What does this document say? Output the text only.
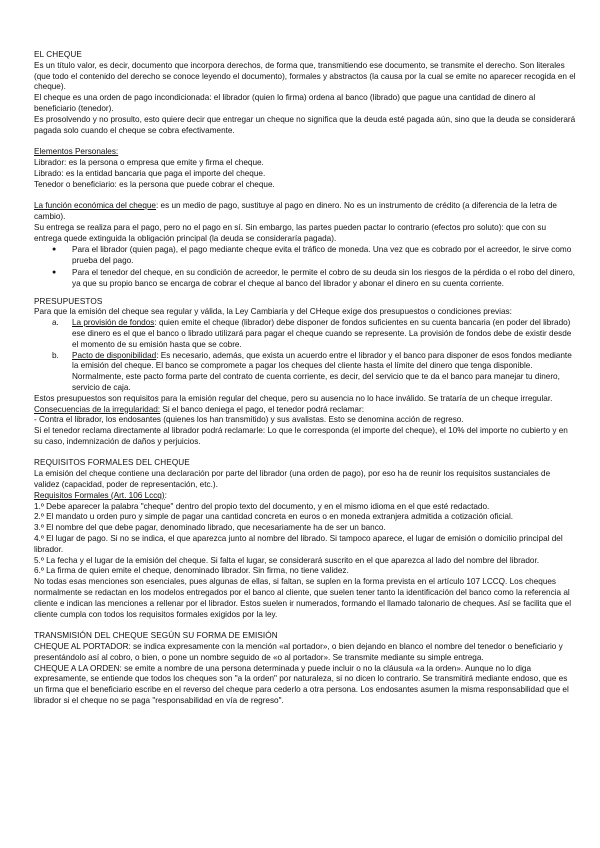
EL CHEQUE

Es un título valor, es decir, documento que incorpora derechos, de forma que, transmitiendo ese documento, se transmite el derecho. Son literales (que todo el contenido del derecho se conoce leyendo el documento), formales y abstractos (la causa por la cual se emite no aparecer recogida en el cheque).

El cheque es una orden de pago incondicionada: el librador (quien lo firma) ordena al banco (librado) que pague una cantidad de dinero al beneficiario (tenedor).

Es prosolvendo y no prosulto, esto quiere decir que entregar un cheque no significa que la deuda esté pagada aún, sino que la deuda se considerará pagada solo cuando el cheque se cobra efectivamente.

Elementos Personales:

Librador: es la persona o empresa que emite y firma el cheque.

Librado: es la entidad bancaria que paga el importe del cheque.

Tenedor o beneficiario: es la persona que puede cobrar el cheque.

La función económica del cheque: es un medio de pago, sustituye al pago en dinero. No es un instrumento de crédito (a diferencia de la letra de cambio).

Su entrega se realiza para el pago, pero no el pago en sí. Sin embargo, las partes pueden pactar lo contrario (efectos pro soluto): que con su entrega quede extinguida la obligación principal (la deuda se consideraría pagada).

● Para el librador (quien paga), el pago mediante cheque evita el tráfico de moneda. Una vez que es cobrado por el acreedor, le sirve como prueba del pago.
● Para el tenedor del cheque, en su condición de acreedor, le permite el cobro de su deuda sin los riesgos de la pérdida o el robo del dinero, ya que su propio banco se encarga de cobrar el cheque al banco del librador y abonar el dinero en su cuenta corriente.
PRESUPUESTOS

Para que la emisión del cheque sea regular y válida, la Ley Cambiaria y del CHeque exige dos presupuestos o condiciones previas:

a. La provisión de fondos: quien emite el cheque (librador) debe disponer de fondos suficientes en su cuenta bancaria (en poder del librado) ese dinero es el que el banco o librado utilizará para pagar el cheque cuando se represente. La provisión de fondos debe de existir desde el momento de su emisión hasta que se cobre.
b. Pacto de disponibilidad: Es necesario, además, que exista un acuerdo entre el librador y el banco para disponer de esos fondos mediante la emisión del cheque. El banco se compromete a pagar los cheques del cliente hasta el límite del dinero que tenga disponible. Normalmente, este pacto forma parte del contrato de cuenta corriente, es decir, del servicio que te da el banco para manejar tu dinero, servicio de caja.

Estos presupuestos son requisitos para la emisión regular del cheque, pero su ausencia no lo hace inválido. Se trataría de un cheque irregular.

Consecuencias de la irregularidad: Si el banco deniega el pago, el tenedor podrá reclamar:

- Contra el librador, los endosantes (quienes los han transmitido) y sus avalistas. Esto se denomina acción de regreso.

Si el tenedor reclama directamente al librador podrá reclamarle: Lo que le corresponda (el importe del cheque), el 10% del importe no cubierto y en su caso, indemnización de daños y perjuicios.

REQUISITOS FORMALES DEL CHEQUE

La emisión del cheque contiene una declaración por parte del librador (una orden de pago), por eso ha de reunir los requisitos sustanciales de validez (capacidad, poder de representación, etc.).

Requisitos Formales (Art. 106 Lccq):

1.º Debe aparecer la palabra "cheque" dentro del propio texto del documento, y en el mismo idioma en el que esté redactado.

2.º El mandato u orden puro y simple de pagar una cantidad concreta en euros o en moneda extranjera admitida a cotización oficial.

3.º El nombre del que debe pagar, denominado librado, que necesariamente ha de ser un banco.

4.º El lugar de pago. Si no se indica, el que aparezca junto al nombre del librado. Si tampoco aparece, el lugar de emisión o domicilio principal del librador.

5.º La fecha y el lugar de la emisión del cheque. Si falta el lugar, se considerará suscrito en el que aparezca al lado del nombre del librador.

6.º La firma de quien emite el cheque, denominado librador. Sin firma, no tiene validez.

No todas esas menciones son esenciales, pues algunas de ellas, si faltan, se suplen en la forma prevista en el artículo 107 LCCQ. Los cheques normalmente se redactan en los modelos entregados por el banco al cliente, que suelen tener tanto la identificación del banco como la referencia al cliente e indican las menciones a rellenar por el librador. Estos suelen ir numerados, formando el llamado talonario de cheques. Así se facilita que el cliente cumpla con todos los requisitos formales exigidos por la ley.

TRANSMISIÓN DEL CHEQUE SEGÚN SU FORMA DE EMISIÓN

CHEQUE AL PORTADOR: se indica expresamente con la mención «al portador», o bien dejando en blanco el nombre del tenedor o beneficiario y presentándolo así al cobro, o bien, o pone un nombre seguido de «o al portador». Se transmite mediante su simple entrega.

CHEQUE A LA ORDEN: se emite a nombre de una persona determinada y puede incluir o no la cláusula «a la orden». Aunque no lo diga expresamente, se entiende que todos los cheques son "a la orden" por naturaleza, si no dicen lo contrario. Se transmitirá mediante endoso, que es un firma que el beneficiario escribe en el reverso del cheque para cederlo a otra persona. Los endosantes asumen la misma responsabilidad que el librador si el cheque no se paga "responsabilidad en vía de regreso".
